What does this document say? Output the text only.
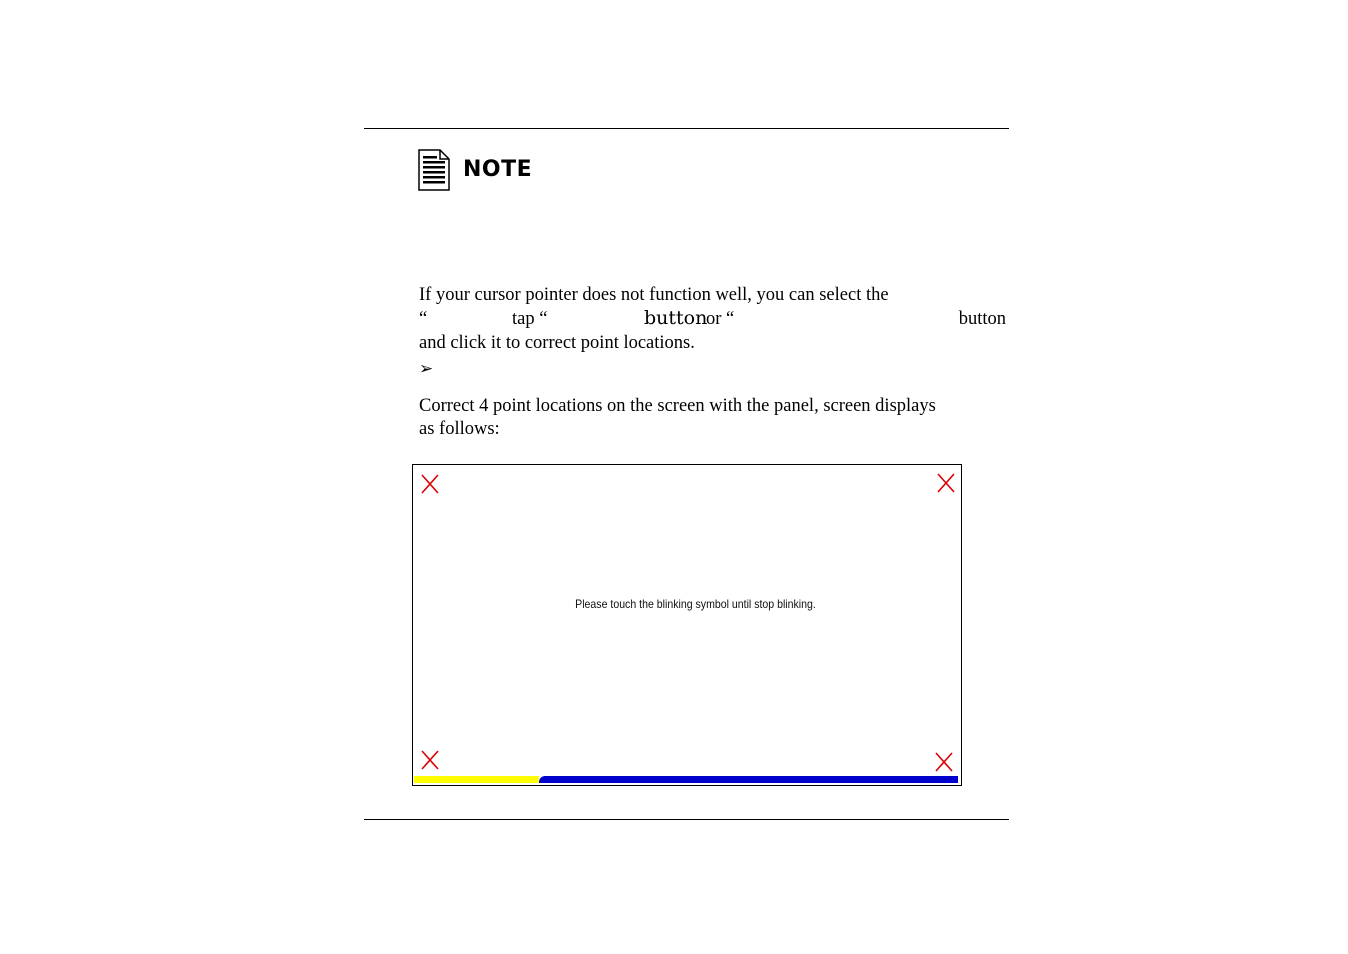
NOTE
If your cursor pointer does not function well, you can select the
“	tap “	button
or “	button
and click it to correct point locations.
➢
Correct 4 point locations on the screen with the panel, screen displays
as follows:
Please touch the blinking symbol until stop blinking.
